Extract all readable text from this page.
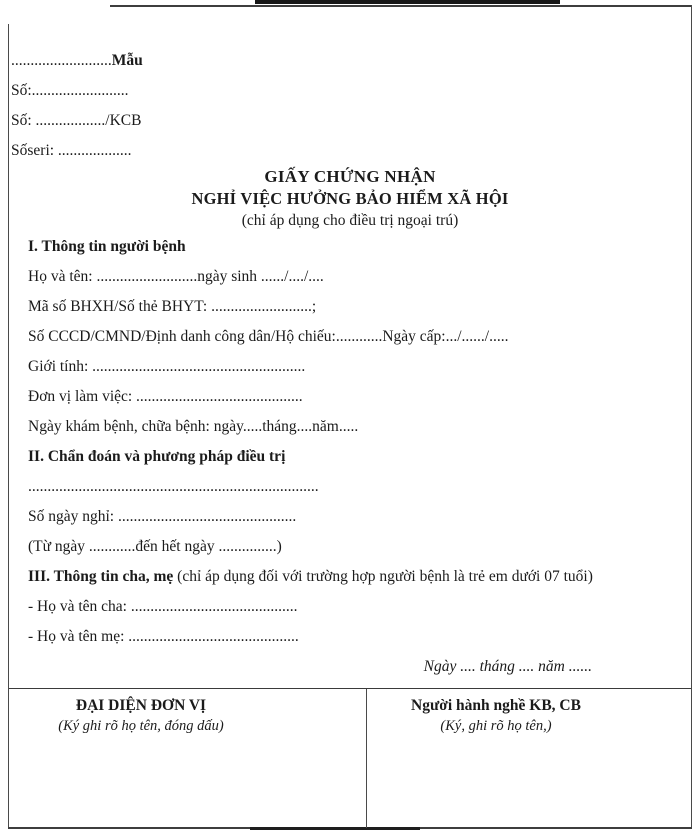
..........................Mẫu
Số:.........................
Số: ................../KCB
Sốseri: ...................
GIẤY CHỨNG NHẬN
NGHỈ VIỆC HƯỞNG BẢO HIỂM XÃ HỘI
(chỉ áp dụng cho điều trị ngoại trú)
I. Thông tin người bệnh
Họ và tên: ..........................ngày sinh ....../..../....
Mã số BHXH/Số thẻ BHYT: ..........................;
Số CCCD/CMND/Định danh công dân/Hộ chiếu:............Ngày cấp:.../....../.....
Giới tính: .......................................................
Đơn vị làm việc: ...........................................
Ngày khám bệnh, chữa bệnh: ngày.....tháng....năm.....
II. Chẩn đoán và phương pháp điều trị
...........................................................................
Số ngày nghỉ: ..............................................
(Từ ngày ............đến hết ngày ...............)
III. Thông tin cha, mẹ (chỉ áp dụng đối với trường hợp người bệnh là trẻ em dưới 07 tuổi)
- Họ và tên cha: ...........................................
- Họ và tên mẹ: ............................................
Ngày .... tháng .... năm ......
ĐẠI DIỆN ĐƠN VỊ
(Ký ghi rõ họ tên, đóng dấu)
Người hành nghề KB, CB
(Ký, ghi rõ họ tên,)
